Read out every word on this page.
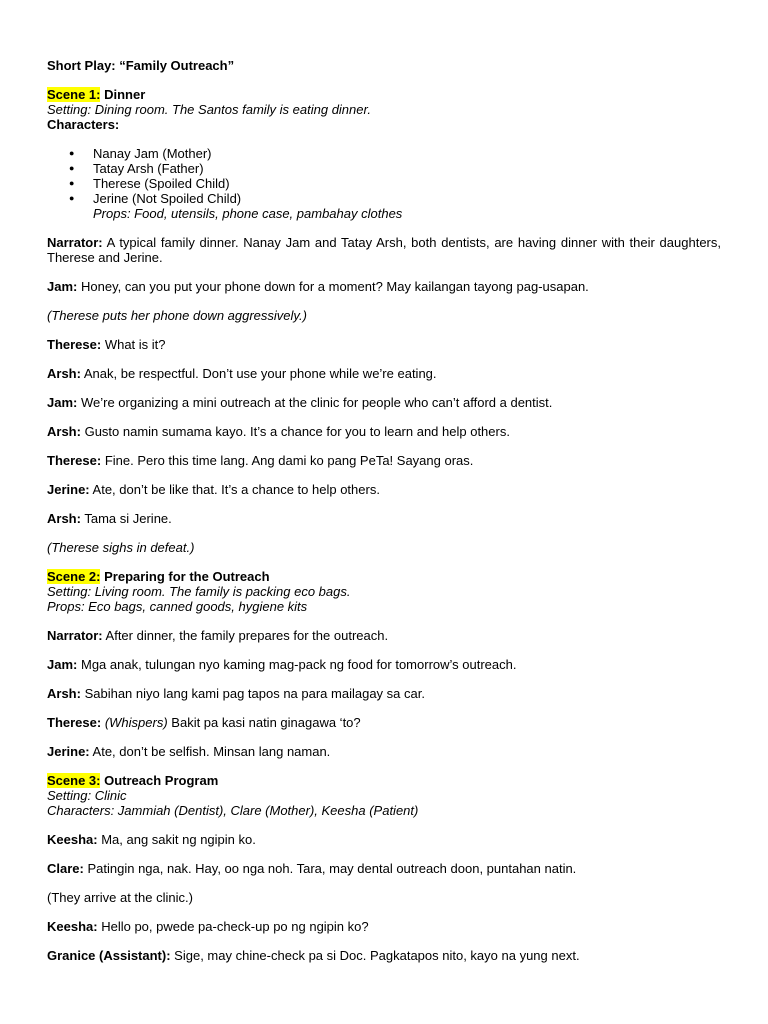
Short Play: “Family Outreach”

Scene 1: Dinner

Setting: Dining room. The Santos family is eating dinner.

Characters:

● Nanay Jam (Mother)
● Tatay Arsh (Father)
● Therese (Spoiled Child)
● Jerine (Not Spoiled Child)

Props: Food, utensils, phone case, pambahay clothes

Narrator: A typical family dinner. Nanay Jam and Tatay Arsh, both dentists, are having dinner with their daughters, Therese and Jerine.

Jam: Honey, can you put your phone down for a moment? May kailangan tayong pag-usapan.

(Therese puts her phone down aggressively.)

Therese: What is it?

Arsh: Anak, be respectful. Don’t use your phone while we’re eating.

Jam: We’re organizing a mini outreach at the clinic for people who can’t afford a dentist.

Arsh: Gusto namin sumama kayo. It’s a chance for you to learn and help others.

Therese: Fine. Pero this time lang. Ang dami ko pang PeTa! Sayang oras.

Jerine: Ate, don’t be like that. It’s a chance to help others.

Arsh: Tama si Jerine.

(Therese sighs in defeat.)

Scene 2: Preparing for the Outreach

Setting: Living room. The family is packing eco bags.

Props: Eco bags, canned goods, hygiene kits

Narrator: After dinner, the family prepares for the outreach.

Jam: Mga anak, tulungan nyo kaming mag-pack ng food for tomorrow’s outreach.

Arsh: Sabihan niyo lang kami pag tapos na para mailagay sa car.

Therese: (Whispers) Bakit pa kasi natin ginagawa ‘to?

Jerine: Ate, don’t be selfish. Minsan lang naman.

Scene 3: Outreach Program

Setting: Clinic

Characters: Jammiah (Dentist), Clare (Mother), Keesha (Patient)

Keesha: Ma, ang sakit ng ngipin ko.

Clare: Patingin nga, nak. Hay, oo nga noh. Tara, may dental outreach doon, puntahan natin.

(They arrive at the clinic.)

Keesha: Hello po, pwede pa-check-up po ng ngipin ko?

Granice (Assistant): Sige, may chine-check pa si Doc. Pagkatapos nito, kayo na yung next.
